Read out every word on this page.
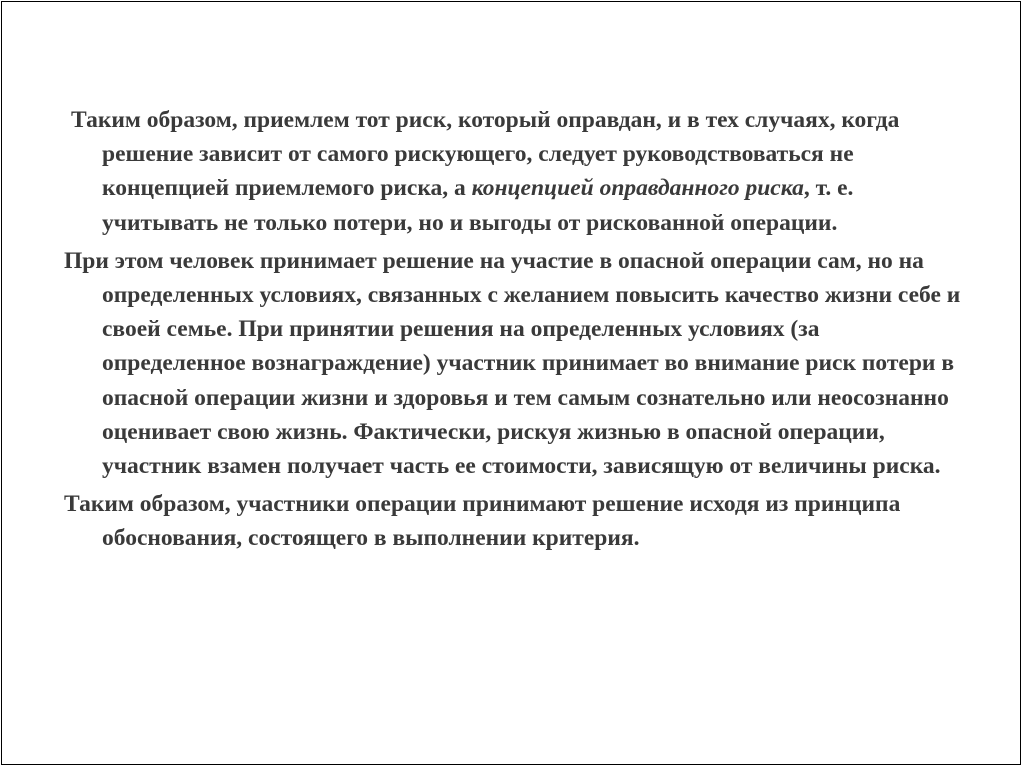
Таким образом, приемлем тот риск, который оправдан, и в тех случаях, когда решение зависит от самого рискующего, следует руководствоваться не концепцией приемлемого риска, а концепцией оправданного риска, т. е. учитывать не только потери, но и выгоды от рискованной операции.

При этом человек принимает решение на участие в опасной операции сам, но на определенных условиях, связанных с желанием повысить качество жизни себе и своей семье. При принятии решения на определенных условиях (за определенное вознаграждение) участник принимает во внимание риск потери в опасной операции жизни и здоровья и тем самым сознательно или неосознанно оценивает свою жизнь. Фактически, рискуя жизнью в опасной операции, участник взамен получает часть ее стоимости, зависящую от величины риска.

Таким образом, участники операции принимают решение исходя из принципа обоснования, состоящего в выполнении критерия.
